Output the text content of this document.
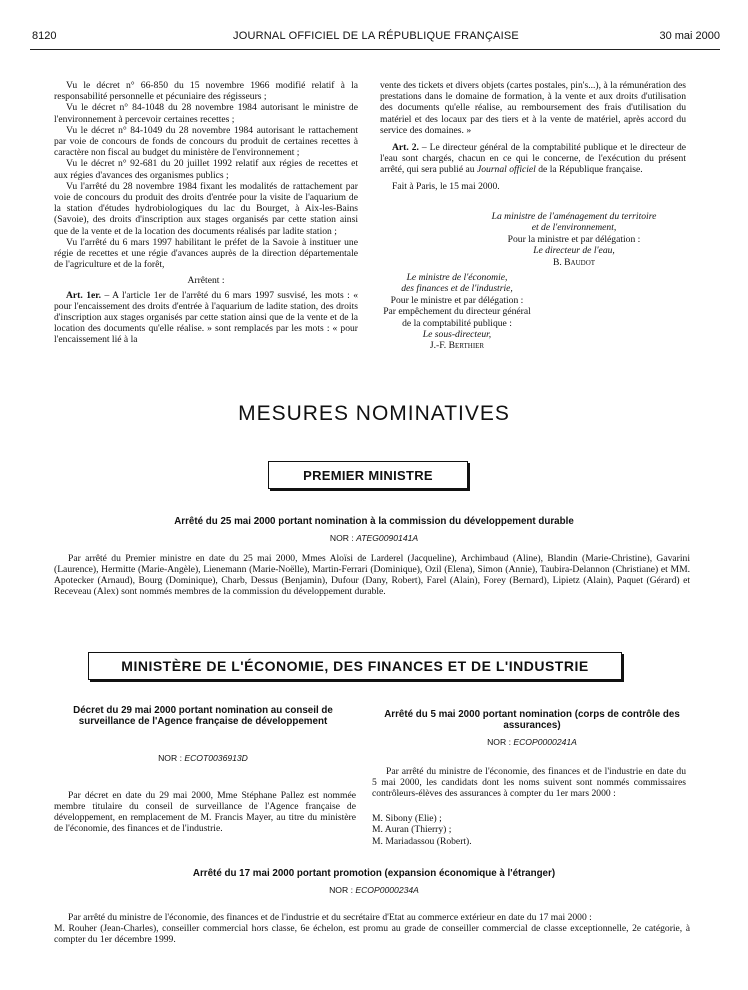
8120	JOURNAL OFFICIEL DE LA RÉPUBLIQUE FRANÇAISE	30 mai 2000

Vu le décret n° 66-850 du 15 novembre 1966 modifié relatif à la responsabilité personnelle et pécuniaire des régisseurs ;

Vu le décret n° 84-1048 du 28 novembre 1984 autorisant le ministre de l'environnement à percevoir certaines recettes ;

Vu le décret n° 84-1049 du 28 novembre 1984 autorisant le rattachement par voie de concours de fonds de concours du produit de certaines recettes à caractère non fiscal au budget du ministère de l'environnement ;

Vu le décret n° 92-681 du 20 juillet 1992 relatif aux régies de recettes et aux régies d'avances des organismes publics ;

Vu l'arrêté du 28 novembre 1984 fixant les modalités de rattachement par voie de concours du produit des droits d'entrée pour la visite de l'aquarium de la station d'études hydrobiologiques du lac du Bourget, à Aix-les-Bains (Savoie), des droits d'inscription aux stages organisés par cette station ainsi que de la vente et de la location des documents réalisés par ladite station ;

Vu l'arrêté du 6 mars 1997 habilitant le préfet de la Savoie à instituer une régie de recettes et une régie d'avances auprès de la direction départementale de l'agriculture et de la forêt,

Arrêtent :

Art. 1er. – A l'article 1er de l'arrêté du 6 mars 1997 susvisé, les mots : « pour l'encaissement des droits d'entrée à l'aquarium de ladite station, des droits d'inscription aux stages organisés par cette station ainsi que de la vente et de la location des documents qu'elle réalise. » sont remplacés par les mots : « pour l'encaissement lié à la

vente des tickets et divers objets (cartes postales, pin's...), à la rémunération des prestations dans le domaine de formation, à la vente et aux droits d'utilisation des documents qu'elle réalise, au remboursement des frais d'utilisation du matériel et des locaux par des tiers et à la vente de matériel, après accord du service des domaines. »

Art. 2. – Le directeur général de la comptabilité publique et le directeur de l'eau sont chargés, chacun en ce qui le concerne, de l'exécution du présent arrêté, qui sera publié au Journal officiel de la République française.

Fait à Paris, le 15 mai 2000.

La ministre de l'aménagement du territoire
et de l'environnement,
Pour la ministre et par délégation :
Le directeur de l'eau,
B. Baudot
Le ministre de l'économie,
des finances et de l'industrie,
Pour le ministre et par délégation :
Par empêchement du directeur général
de la comptabilité publique :
Le sous-directeur,
J.-F. Berthier
MESURES NOMINATIVES
PREMIER MINISTRE
Arrêté du 25 mai 2000 portant nomination à la commission du développement durable
NOR : ATEG0090141A

Par arrêté du Premier ministre en date du 25 mai 2000, Mmes Aloïsi de Larderel (Jacqueline), Archimbaud (Aline), Blandin (Marie-Christine), Gavarini (Laurence), Hermitte (Marie-Angèle), Lienemann (Marie-Noëlle), Martin-Ferrari (Dominique), Ozil (Elena), Simon (Annie), Taubira-Delannon (Christiane) et MM. Apotecker (Arnaud), Bourg (Dominique), Charb, Dessus (Benjamin), Dufour (Dany, Robert), Farel (Alain), Forey (Bernard), Lipietz (Alain), Paquet (Gérard) et Receveau (Alex) sont nommés membres de la commission du développement durable.

MINISTÈRE DE L'ÉCONOMIE, DES FINANCES ET DE L'INDUSTRIE
Décret du 29 mai 2000 portant nomination au conseil de surveillance de l'Agence française de développement
NOR : ECOT0036913D

Par décret en date du 29 mai 2000, Mme Stéphane Pallez est nommée membre titulaire du conseil de surveillance de l'Agence française de développement, en remplacement de M. Francis Mayer, au titre du ministère de l'économie, des finances et de l'industrie.

Arrêté du 5 mai 2000 portant nomination (corps de contrôle des assurances)
NOR : ECOP0000241A

Par arrêté du ministre de l'économie, des finances et de l'industrie en date du 5 mai 2000, les candidats dont les noms suivent sont nommés commissaires contrôleurs-élèves des assurances à compter du 1er mars 2000 :

M. Sibony (Elie) ;
M. Auran (Thierry) ;
M. Mariadassou (Robert).
Arrêté du 17 mai 2000 portant promotion (expansion économique à l'étranger)
NOR : ECOP0000234A

Par arrêté du ministre de l'économie, des finances et de l'industrie et du secrétaire d'Etat au commerce extérieur en date du 17 mai 2000 :

M. Rouher (Jean-Charles), conseiller commercial hors classe, 6e échelon, est promu au grade de conseiller commercial de classe exceptionnelle, 2e catégorie, à compter du 1er décembre 1999.
